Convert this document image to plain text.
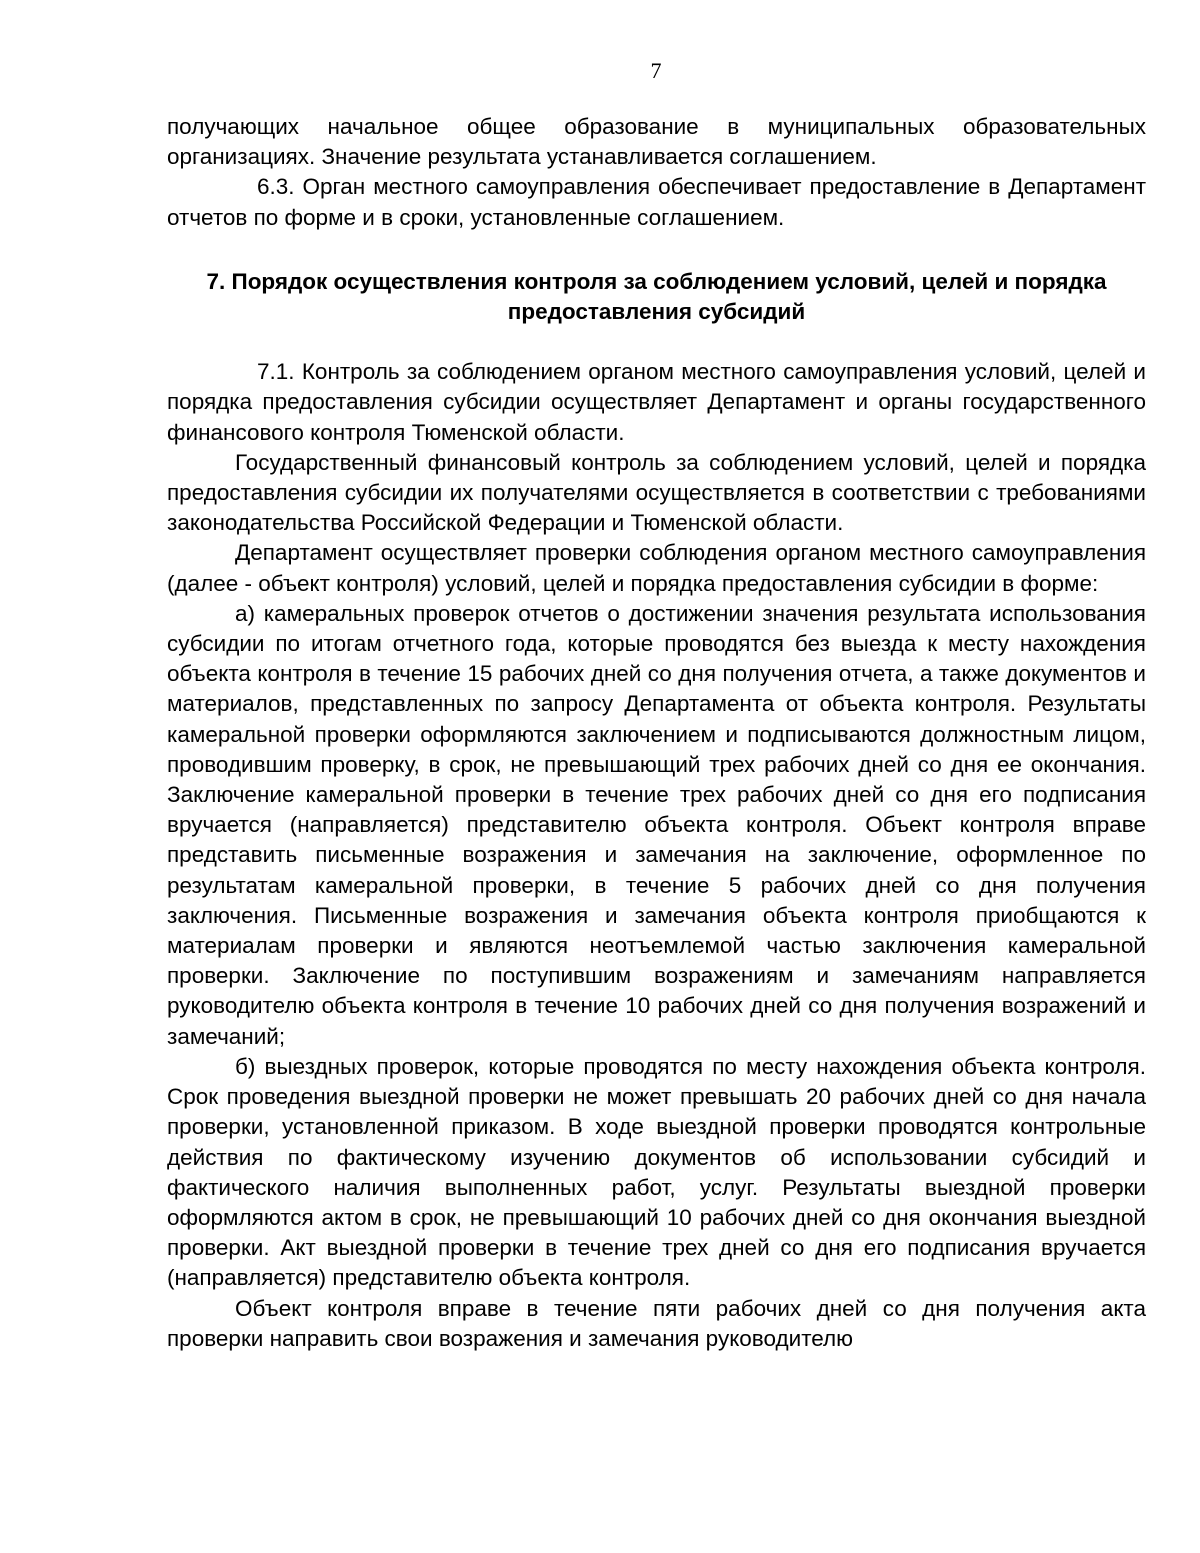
7

получающих начальное общее образование в муниципальных образовательных организациях. Значение результата устанавливается соглашением.

6.3. Орган местного самоуправления обеспечивает предоставление в Департамент отчетов по форме и в сроки, установленные соглашением.

7. Порядок осуществления контроля за соблюдением условий, целей и порядка предоставления субсидий

7.1. Контроль за соблюдением органом местного самоуправления условий, целей и порядка предоставления субсидии осуществляет Департамент и органы государственного финансового контроля Тюменской области.

Государственный финансовый контроль за соблюдением условий, целей и порядка предоставления субсидии их получателями осуществляется в соответствии с требованиями законодательства Российской Федерации и Тюменской области.

Департамент осуществляет проверки соблюдения органом местного самоуправления (далее - объект контроля) условий, целей и порядка предоставления субсидии в форме:

а) камеральных проверок отчетов о достижении значения результата использования субсидии по итогам отчетного года, которые проводятся без выезда к месту нахождения объекта контроля в течение 15 рабочих дней со дня получения отчета, а также документов и материалов, представленных по запросу Департамента от объекта контроля. Результаты камеральной проверки оформляются заключением и подписываются должностным лицом, проводившим проверку, в срок, не превышающий трех рабочих дней со дня ее окончания. Заключение камеральной проверки в течение трех рабочих дней со дня его подписания вручается (направляется) представителю объекта контроля. Объект контроля вправе представить письменные возражения и замечания на заключение, оформленное по результатам камеральной проверки, в течение 5 рабочих дней со дня получения заключения. Письменные возражения и замечания объекта контроля приобщаются к материалам проверки и являются неотъемлемой частью заключения камеральной проверки. Заключение по поступившим возражениям и замечаниям направляется руководителю объекта контроля в течение 10 рабочих дней со дня получения возражений и замечаний;

б) выездных проверок, которые проводятся по месту нахождения объекта контроля. Срок проведения выездной проверки не может превышать 20 рабочих дней со дня начала проверки, установленной приказом. В ходе выездной проверки проводятся контрольные действия по фактическому изучению документов об использовании субсидий и фактического наличия выполненных работ, услуг. Результаты выездной проверки оформляются актом в срок, не превышающий 10 рабочих дней со дня окончания выездной проверки. Акт выездной проверки в течение трех дней со дня его подписания вручается (направляется) представителю объекта контроля.

Объект контроля вправе в течение пяти рабочих дней со дня получения акта проверки направить свои возражения и замечания руководителю
